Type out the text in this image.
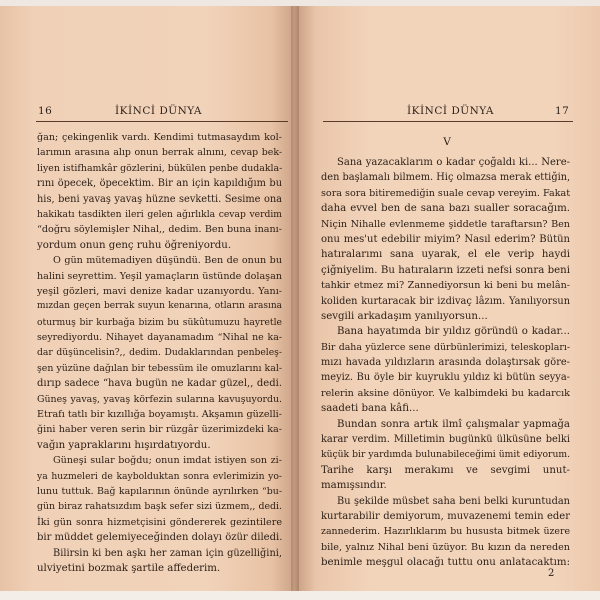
16	İKİNCİ DÜNYA
ğan; çekingenlik vardı. Kendimi tutmasaydım kol-
larımın arasına alıp onun berrak alnını, cevap bek-
liyen istifhamkâr gözlerini, bükülen penbe dudakla-
rını öpecek, öpecektim. Bir an için kapıldığım bu
his, beni yavaş yavaş hüzne sevketti. Sesime ona
hakikatı tasdikten ileri gelen ağırlıkla cevap verdim
“doğru söylemişler Nihal,, dedim. Ben buna inanı-
yordum onun genç ruhu öğreniyordu.
O gün mütemadiyen düşündü. Ben de onun bu
halini seyrettim. Yeşil yamaçların üstünde dolaşan
yeşil gözleri, mavi denize kadar uzanıyordu. Yanı-
mızdan geçen berrak suyun kenarına, otların arasına
oturmuş bir kurbağa bizim bu sükûtumuzu hayretle
seyrediyordu. Nihayet dayanamadım “Nihal ne ka-
dar düşüncelisin?,, dedim. Dudaklarından penbeleş-
şen yüzüne dağılan bir tebessüm ile omuzlarını kal-
dırıp sadece “hava bugün ne kadar güzel,, dedi.
Güneş yavaş, yavaş körfezin sularına kavuşuyordu.
Etrafı tatlı bir kızıllığa boyamıştı. Akşamın güzelli-
ğini haber veren serin bir rüzgâr üzerimizdeki ka-
vağın yapraklarını hışırdatıyordu.
Güneşi sular boğdu; onun imdat istiyen son zi-
ya huzmeleri de kaybolduktan sonra evlerimizin yo-
lunu tuttuk. Bağ kapılarının önünde ayrılırken “bu-
gün biraz rahatsızdım başk sefer sizi üzmem,, dedi.
İki gün sonra hizmetçisini göndererek gezintilere
bir müddet gelemiyeceğinden dolayı özür diledi.
Bilirsin ki ben aşkı her zaman için güzelliğini,
ulviyetini bozmak şartile affederim.
İKİNCİ DÜNYA	17
V
Sana yazacaklarım o kadar çoğaldı ki... Nere-
den başlamalı bilmem. Hiç olmazsa merak ettiğin,
sora sora bitiremediğin suale cevap vereyim. Fakat
daha evvel ben de sana bazı sualler soracağım.
Niçin Nihalle evlenmeme şiddetle taraftarsın? Ben
onu mes'ut edebilir miyim? Nasıl ederim? Bütün
hatıralarımı sana uyarak, el ele verip haydi
çiğniyelim. Bu hatıraların izzeti nefsi sonra beni
tahkir etmez mi? Zannediyorsun ki beni bu melân-
koliden kurtaracak bir izdivaç lâzım. Yanılıyorsun
sevgili arkadaşım yanılıyorsun...
Bana hayatımda bir yıldız göründü o kadar...
Bir daha yüzlerce sene dürbünlerimizi, teleskopları-
mızı havada yıldızların arasında dolaştırsak göre-
meyiz. Bu öyle bir kuyruklu yıldız ki bütün seyya-
relerin aksine dönüyor. Ve kalbimdeki bu kadarcık
saadeti bana kâfi...
Bundan sonra artık ilmî çalışmalar yapmağa
karar verdim. Milletimin bugünkü ülküsüne belki
küçük bir yardımda bulunabileceğimi ümit ediyorum.
Tarihe karşı merakımı ve sevgimi unut-
mamışsındır.
Bu şekilde müsbet saha beni belki kuruntudan
kurtarabilir demiyorum, muvazenemi temin eder
zannederim. Hazırlıklarım bu hususta bitmek üzere
bile, yalnız Nihal beni üzüyor. Bu kızın da nereden
benimle meşgul olacağı tuttu onu anlatacaktım:
2
